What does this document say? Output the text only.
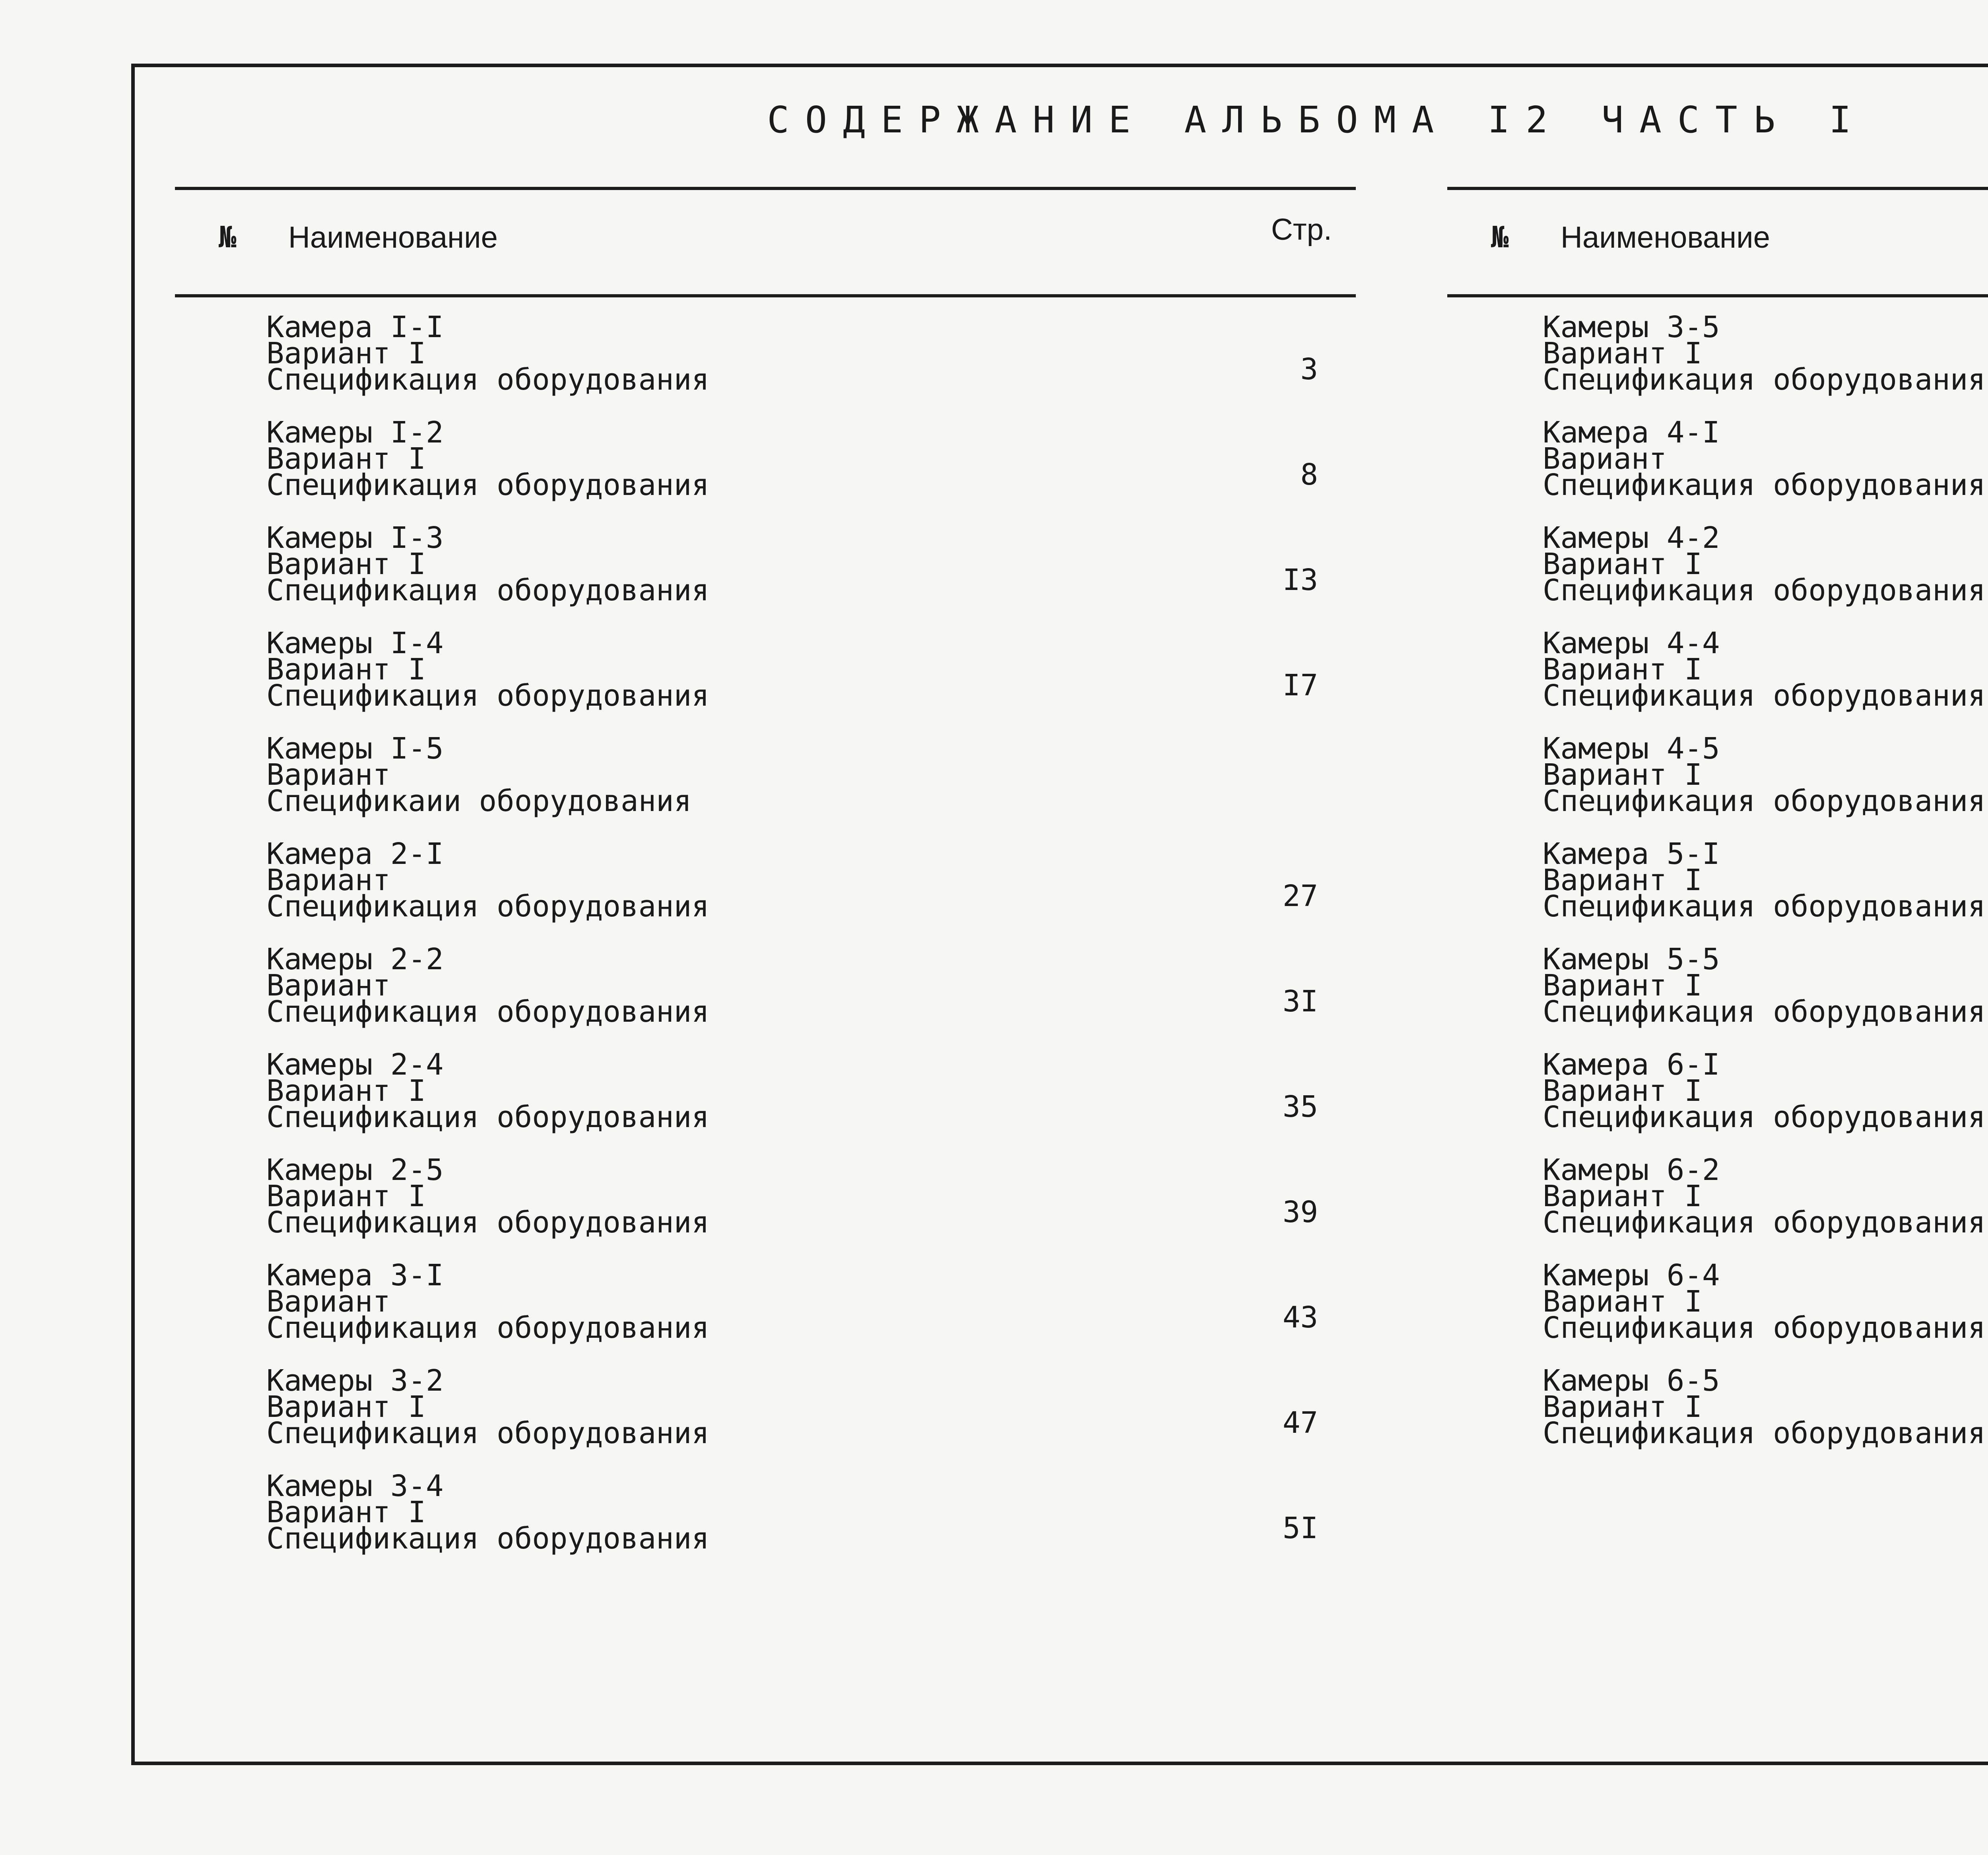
СОДЕРЖАНИЕ АЛЬБОМА I2 ЧАСТЬ I
№ Наименование	Стр.
Камера I-I
Вариант I
Спецификация оборудования	3
Камеры I-2
Вариант I
Спецификация оборудования	8
Камеры I-3
Вариант I
Спецификация оборудования	I3
Камеры I-4
Вариант I
Спецификация оборудования	I7
Камеры I-5
Вариант
Спецификаии оборудования
Камера 2-I
Вариант
Спецификация оборудования	27
Камеры 2-2
Вариант
Спецификация оборудования	3I
Камеры 2-4
Вариант I
Спецификация оборудования	35
Камеры 2-5
Вариант I
Спецификация оборудования	39
Камера 3-I
Вариант
Спецификация оборудования	43
Камеры 3-2
Вариант I
Спецификация оборудования	47
Камеры 3-4
Вариант I
Спецификация оборудования	5I
№ Наименование
Камеры 3-5
Вариант I
Спецификация оборудования
Камера 4-I
Вариант
Спецификация оборудования
Камеры 4-2
Вариант I
Спецификация оборудования
Камеры 4-4
Вариант I
Спецификация оборудования
Камеры 4-5
Вариант I
Спецификация оборудования
Камера 5-I
Вариант I
Спецификация оборудования
Камеры 5-5
Вариант I
Спецификация оборудования
Камера 6-I
Вариант I
Спецификация оборудования
Камеры 6-2
Вариант I
Спецификация оборудования
Камеры 6-4
Вариант I
Спецификация оборудования
Камеры 6-5
Вариант I
Спецификация оборудования
